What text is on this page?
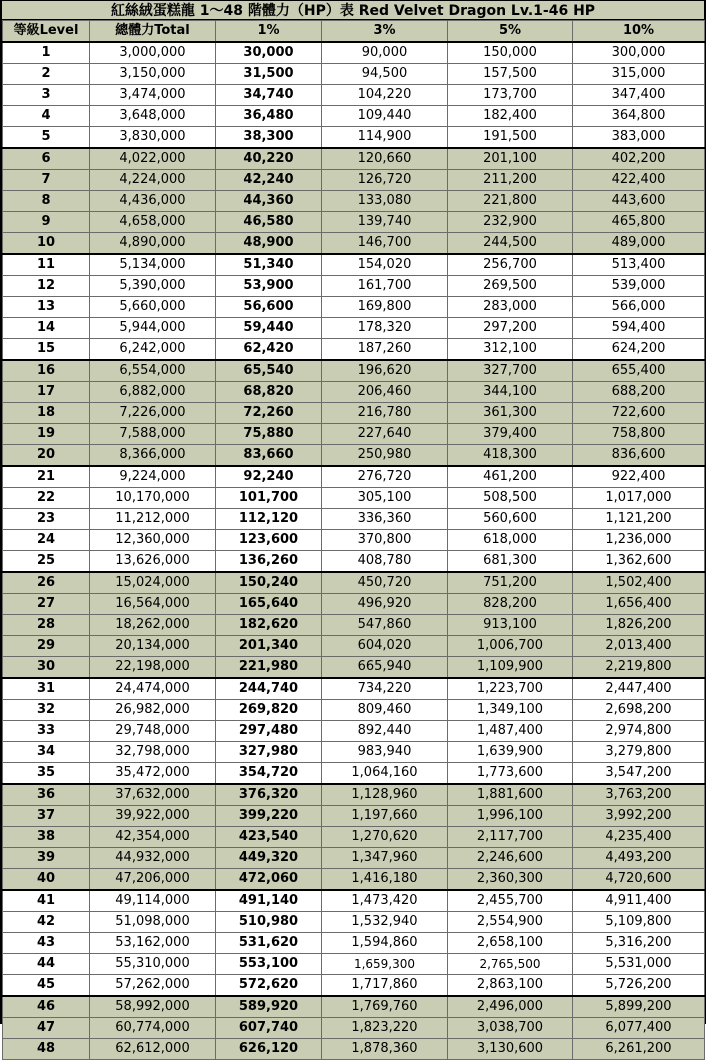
紅絲絨蛋糕龍 1～48 階體力（HP）表 Red Velvet Dragon Lv.1-46 HP
等級Level	總體力Total	1%	3%	5%	10%
1	3,000,000	30,000	90,000	150,000	300,000
2	3,150,000	31,500	94,500	157,500	315,000
3	3,474,000	34,740	104,220	173,700	347,400
4	3,648,000	36,480	109,440	182,400	364,800
5	3,830,000	38,300	114,900	191,500	383,000
6	4,022,000	40,220	120,660	201,100	402,200
7	4,224,000	42,240	126,720	211,200	422,400
8	4,436,000	44,360	133,080	221,800	443,600
9	4,658,000	46,580	139,740	232,900	465,800
10	4,890,000	48,900	146,700	244,500	489,000
11	5,134,000	51,340	154,020	256,700	513,400
12	5,390,000	53,900	161,700	269,500	539,000
13	5,660,000	56,600	169,800	283,000	566,000
14	5,944,000	59,440	178,320	297,200	594,400
15	6,242,000	62,420	187,260	312,100	624,200
16	6,554,000	65,540	196,620	327,700	655,400
17	6,882,000	68,820	206,460	344,100	688,200
18	7,226,000	72,260	216,780	361,300	722,600
19	7,588,000	75,880	227,640	379,400	758,800
20	8,366,000	83,660	250,980	418,300	836,600
21	9,224,000	92,240	276,720	461,200	922,400
22	10,170,000	101,700	305,100	508,500	1,017,000
23	11,212,000	112,120	336,360	560,600	1,121,200
24	12,360,000	123,600	370,800	618,000	1,236,000
25	13,626,000	136,260	408,780	681,300	1,362,600
26	15,024,000	150,240	450,720	751,200	1,502,400
27	16,564,000	165,640	496,920	828,200	1,656,400
28	18,262,000	182,620	547,860	913,100	1,826,200
29	20,134,000	201,340	604,020	1,006,700	2,013,400
30	22,198,000	221,980	665,940	1,109,900	2,219,800
31	24,474,000	244,740	734,220	1,223,700	2,447,400
32	26,982,000	269,820	809,460	1,349,100	2,698,200
33	29,748,000	297,480	892,440	1,487,400	2,974,800
34	32,798,000	327,980	983,940	1,639,900	3,279,800
35	35,472,000	354,720	1,064,160	1,773,600	3,547,200
36	37,632,000	376,320	1,128,960	1,881,600	3,763,200
37	39,922,000	399,220	1,197,660	1,996,100	3,992,200
38	42,354,000	423,540	1,270,620	2,117,700	4,235,400
39	44,932,000	449,320	1,347,960	2,246,600	4,493,200
40	47,206,000	472,060	1,416,180	2,360,300	4,720,600
41	49,114,000	491,140	1,473,420	2,455,700	4,911,400
42	51,098,000	510,980	1,532,940	2,554,900	5,109,800
43	53,162,000	531,620	1,594,860	2,658,100	5,316,200
44	55,310,000	553,100	1,659,300	2,765,500	5,531,000
45	57,262,000	572,620	1,717,860	2,863,100	5,726,200
46	58,992,000	589,920	1,769,760	2,496,000	5,899,200
47	60,774,000	607,740	1,823,220	3,038,700	6,077,400
48	62,612,000	626,120	1,878,360	3,130,600	6,261,200
